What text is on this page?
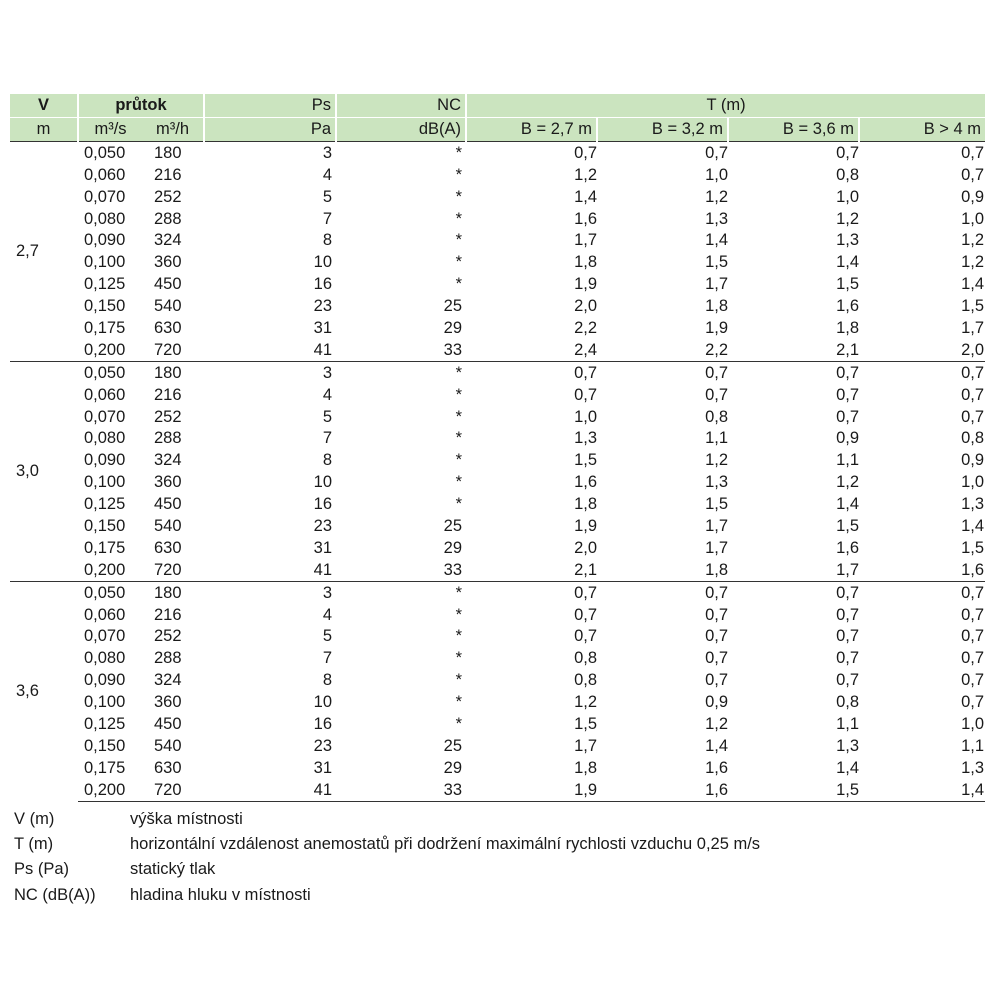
V	průtok		Ps	NC	T (m)			
m	m³/s	m³/h	Pa	dB(A)	B = 2,7 m	B = 3,2 m	B = 3,6 m	B > 4 m
2,7	0,050	180	3	*	0,7	0,7	0,7	0,7
	0,060	216	4	*	1,2	1,0	0,8	0,7
	0,070	252	5	*	1,4	1,2	1,0	0,9
	0,080	288	7	*	1,6	1,3	1,2	1,0
	0,090	324	8	*	1,7	1,4	1,3	1,2
	0,100	360	10	*	1,8	1,5	1,4	1,2
	0,125	450	16	*	1,9	1,7	1,5	1,4
	0,150	540	23	25	2,0	1,8	1,6	1,5
	0,175	630	31	29	2,2	1,9	1,8	1,7
	0,200	720	41	33	2,4	2,2	2,1	2,0
3,0	0,050	180	3	*	0,7	0,7	0,7	0,7
	0,060	216	4	*	0,7	0,7	0,7	0,7
	0,070	252	5	*	1,0	0,8	0,7	0,7
	0,080	288	7	*	1,3	1,1	0,9	0,8
	0,090	324	8	*	1,5	1,2	1,1	0,9
	0,100	360	10	*	1,6	1,3	1,2	1,0
	0,125	450	16	*	1,8	1,5	1,4	1,3
	0,150	540	23	25	1,9	1,7	1,5	1,4
	0,175	630	31	29	2,0	1,7	1,6	1,5
	0,200	720	41	33	2,1	1,8	1,7	1,6
3,6	0,050	180	3	*	0,7	0,7	0,7	0,7
	0,060	216	4	*	0,7	0,7	0,7	0,7
	0,070	252	5	*	0,7	0,7	0,7	0,7
	0,080	288	7	*	0,8	0,7	0,7	0,7
	0,090	324	8	*	0,8	0,7	0,7	0,7
	0,100	360	10	*	1,2	0,9	0,8	0,7
	0,125	450	16	*	1,5	1,2	1,1	1,0
	0,150	540	23	25	1,7	1,4	1,3	1,1
	0,175	630	31	29	1,8	1,6	1,4	1,3
	0,200	720	41	33	1,9	1,6	1,5	1,4
V (m)	výška místnosti
T (m)	horizontální vzdálenost anemostatů při dodržení maximální rychlosti vzduchu 0,25 m/s
Ps (Pa)	statický tlak
NC (dB(A))	hladina hluku v místnosti
